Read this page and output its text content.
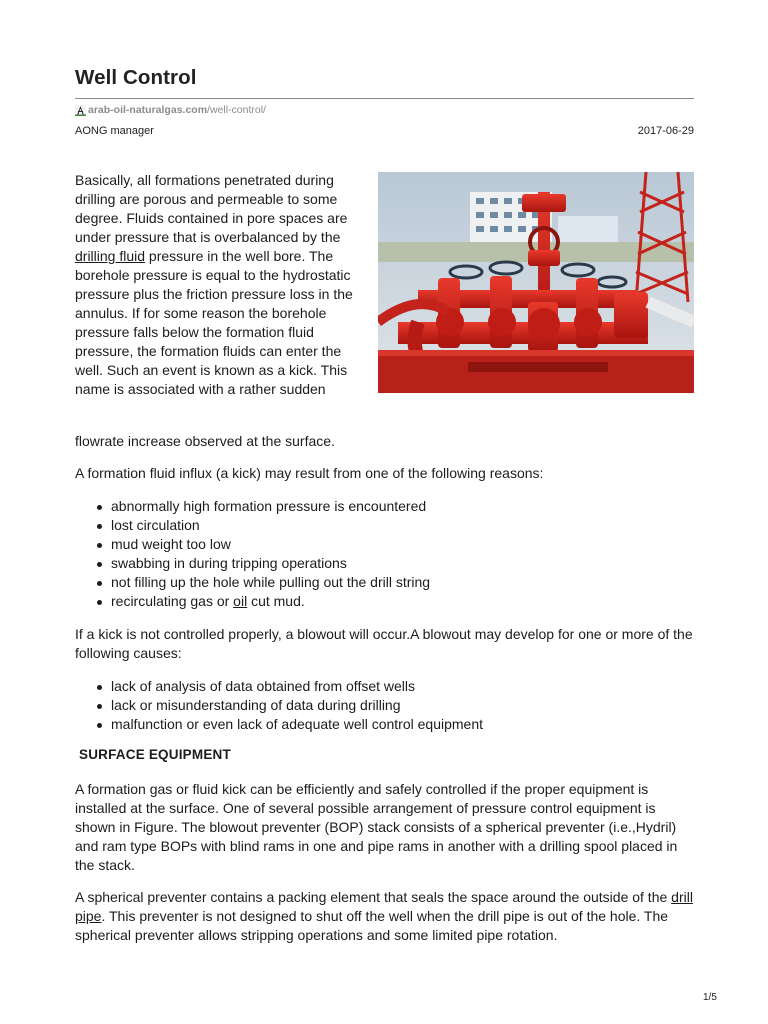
Well Control
arab-oil-naturalgas.com /well-control/
AONG manager	2017-06-29

Basically, all formations penetrated during drilling are porous and permeable to some degree. Fluids contained in pore spaces are under pressure that is overbalanced by the drilling fluid pressure in the well bore. The borehole pressure is equal to the hydrostatic pressure plus the friction pressure loss in the annulus. If for some reason the borehole pressure falls below the formation fluid pressure, the formation fluids can enter the well. Such an event is known as a kick. This name is associated with a rather sudden

flowrate increase observed at the surface.

A formation fluid influx (a kick) may result from one of the following reasons:

abnormally high formation pressure is encountered
lost circulation
mud weight too low
swabbing in during tripping operations
not filling up the hole while pulling out the drill string
recirculating gas or oil cut mud.

If a kick is not controlled properly, a blowout will occur.A blowout may develop for one or more of the following causes:

lack of analysis of data obtained from offset wells
lack or misunderstanding of data during drilling
malfunction or even lack of adequate well control equipment
SURFACE EQUIPMENT

A formation gas or fluid kick can be efficiently and safely controlled if the proper equipment is installed at the surface. One of several possible arrangement of pressure control equipment is shown in Figure. The blowout preventer (BOP) stack consists of a spherical preventer (i.e.,Hydril) and ram type BOPs with blind rams in one and pipe rams in another with a drilling spool placed in the stack.

A spherical preventer contains a packing element that seals the space around the outside of the drill pipe. This preventer is not designed to shut off the well when the drill pipe is out of the hole. The spherical preventer allows stripping operations and some limited pipe rotation.

1/5
